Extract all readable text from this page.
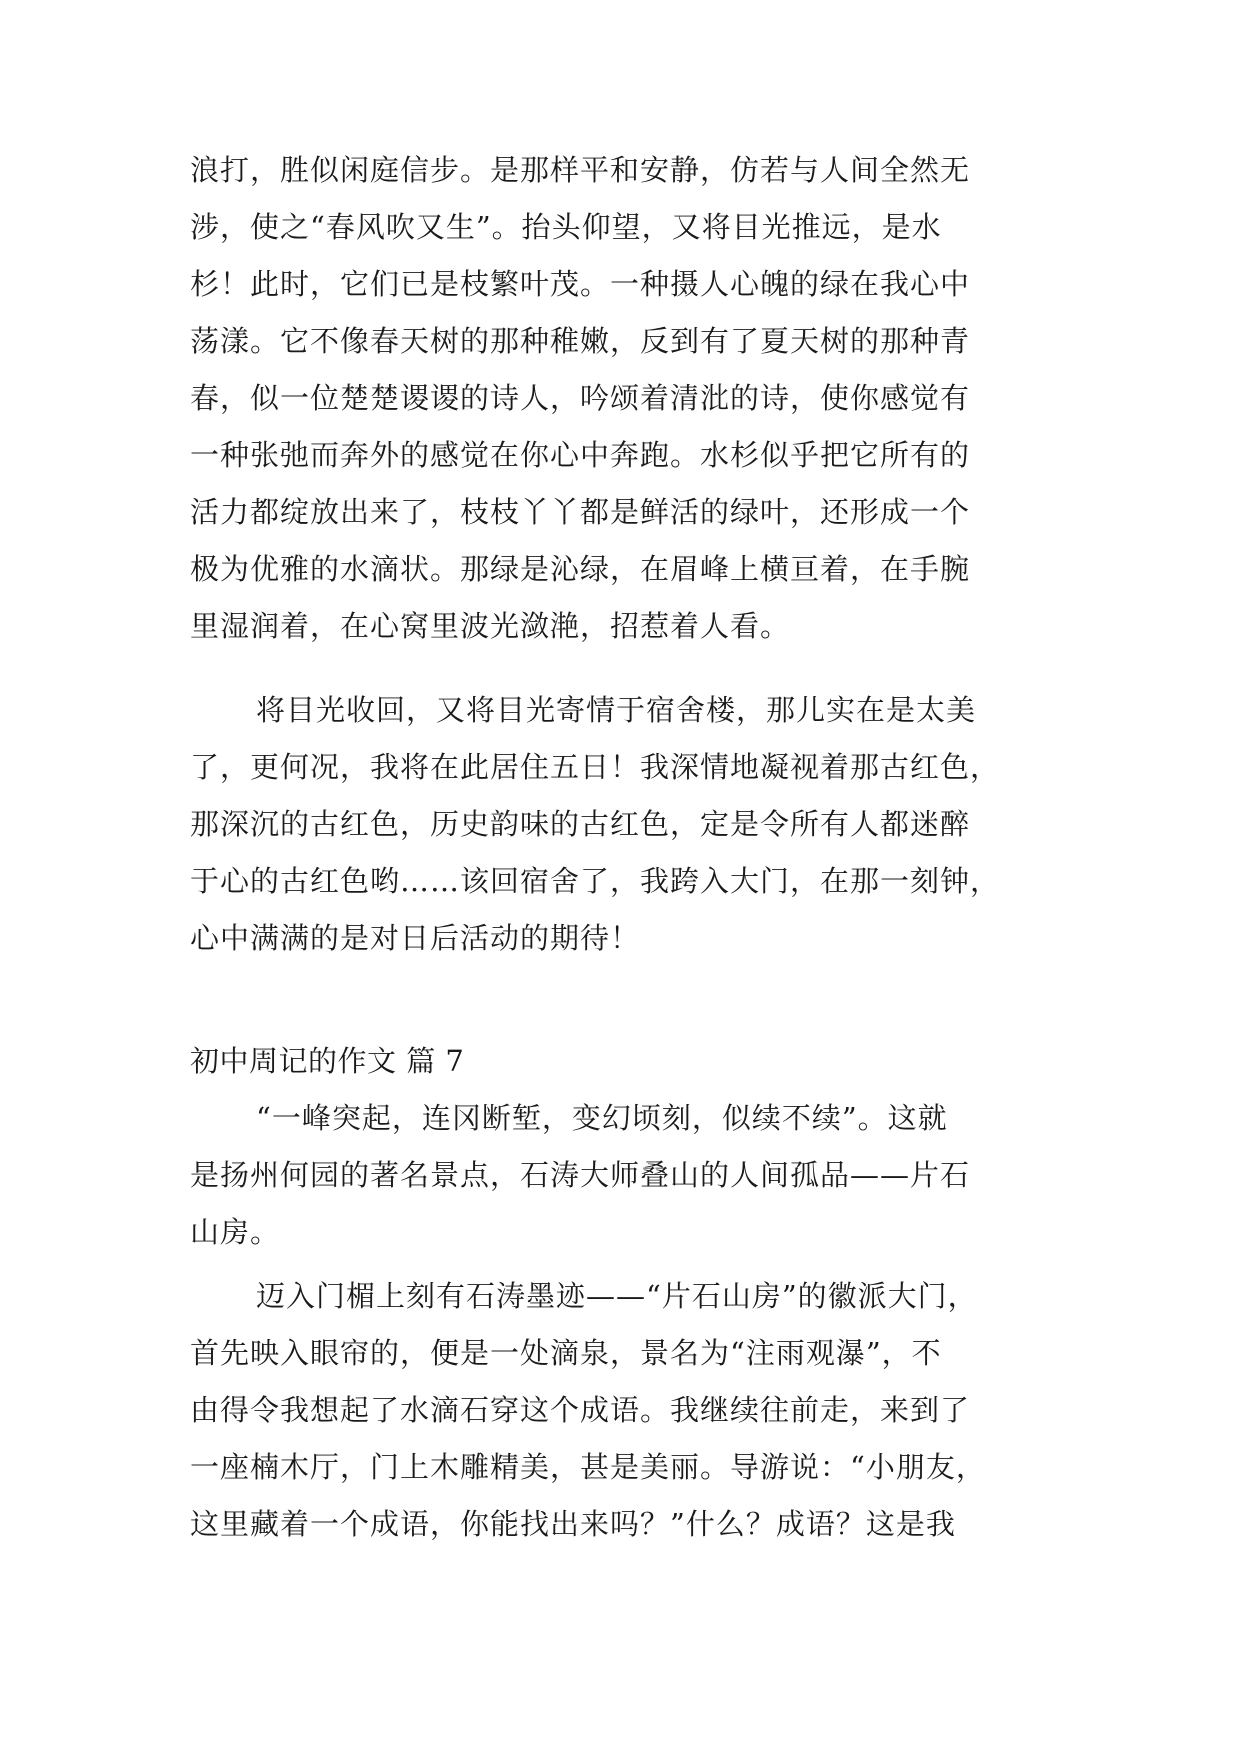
浪打，胜似闲庭信步。是那样平和安静，仿若与人间全然无
涉，使之“春风吹又生”。抬头仰望，又将目光推远，是水
杉！此时，它们已是枝繁叶茂。一种摄人心魄的绿在我心中
荡漾。它不像春天树的那种稚嫩，反到有了夏天树的那种青
春，似一位楚楚谡谡的诗人，吟颂着清沘的诗，使你感觉有
一种张弛而奔外的感觉在你心中奔跑。水杉似乎把它所有的
活力都绽放出来了，枝枝丫丫都是鲜活的绿叶，还形成一个
极为优雅的水滴状。那绿是沁绿，在眉峰上横亘着，在手腕
里湿润着，在心窝里波光潋滟，招惹着人看。
将目光收回，又将目光寄情于宿舍楼，那儿实在是太美
了，更何况，我将在此居住五日！我深情地凝视着那古红色，
那深沉的古红色，历史韵味的古红色，定是令所有人都迷醉
于心的古红色哟……该回宿舍了，我跨入大门，在那一刻钟，
心中满满的是对日后活动的期待！
初中周记的作文 篇 7
“一峰突起，连冈断堑，变幻顷刻，似续不续”。这就
是扬州何园的著名景点，石涛大师叠山的人间孤品——片石
山房。
迈入门楣上刻有石涛墨迹——“片石山房”的徽派大门，
首先映入眼帘的，便是一处滴泉，景名为“注雨观瀑”，不
由得令我想起了水滴石穿这个成语。我继续往前走，来到了
一座楠木厅，门上木雕精美，甚是美丽。导游说：“小朋友，
这里藏着一个成语，你能找出来吗？”什么？成语？这是我
